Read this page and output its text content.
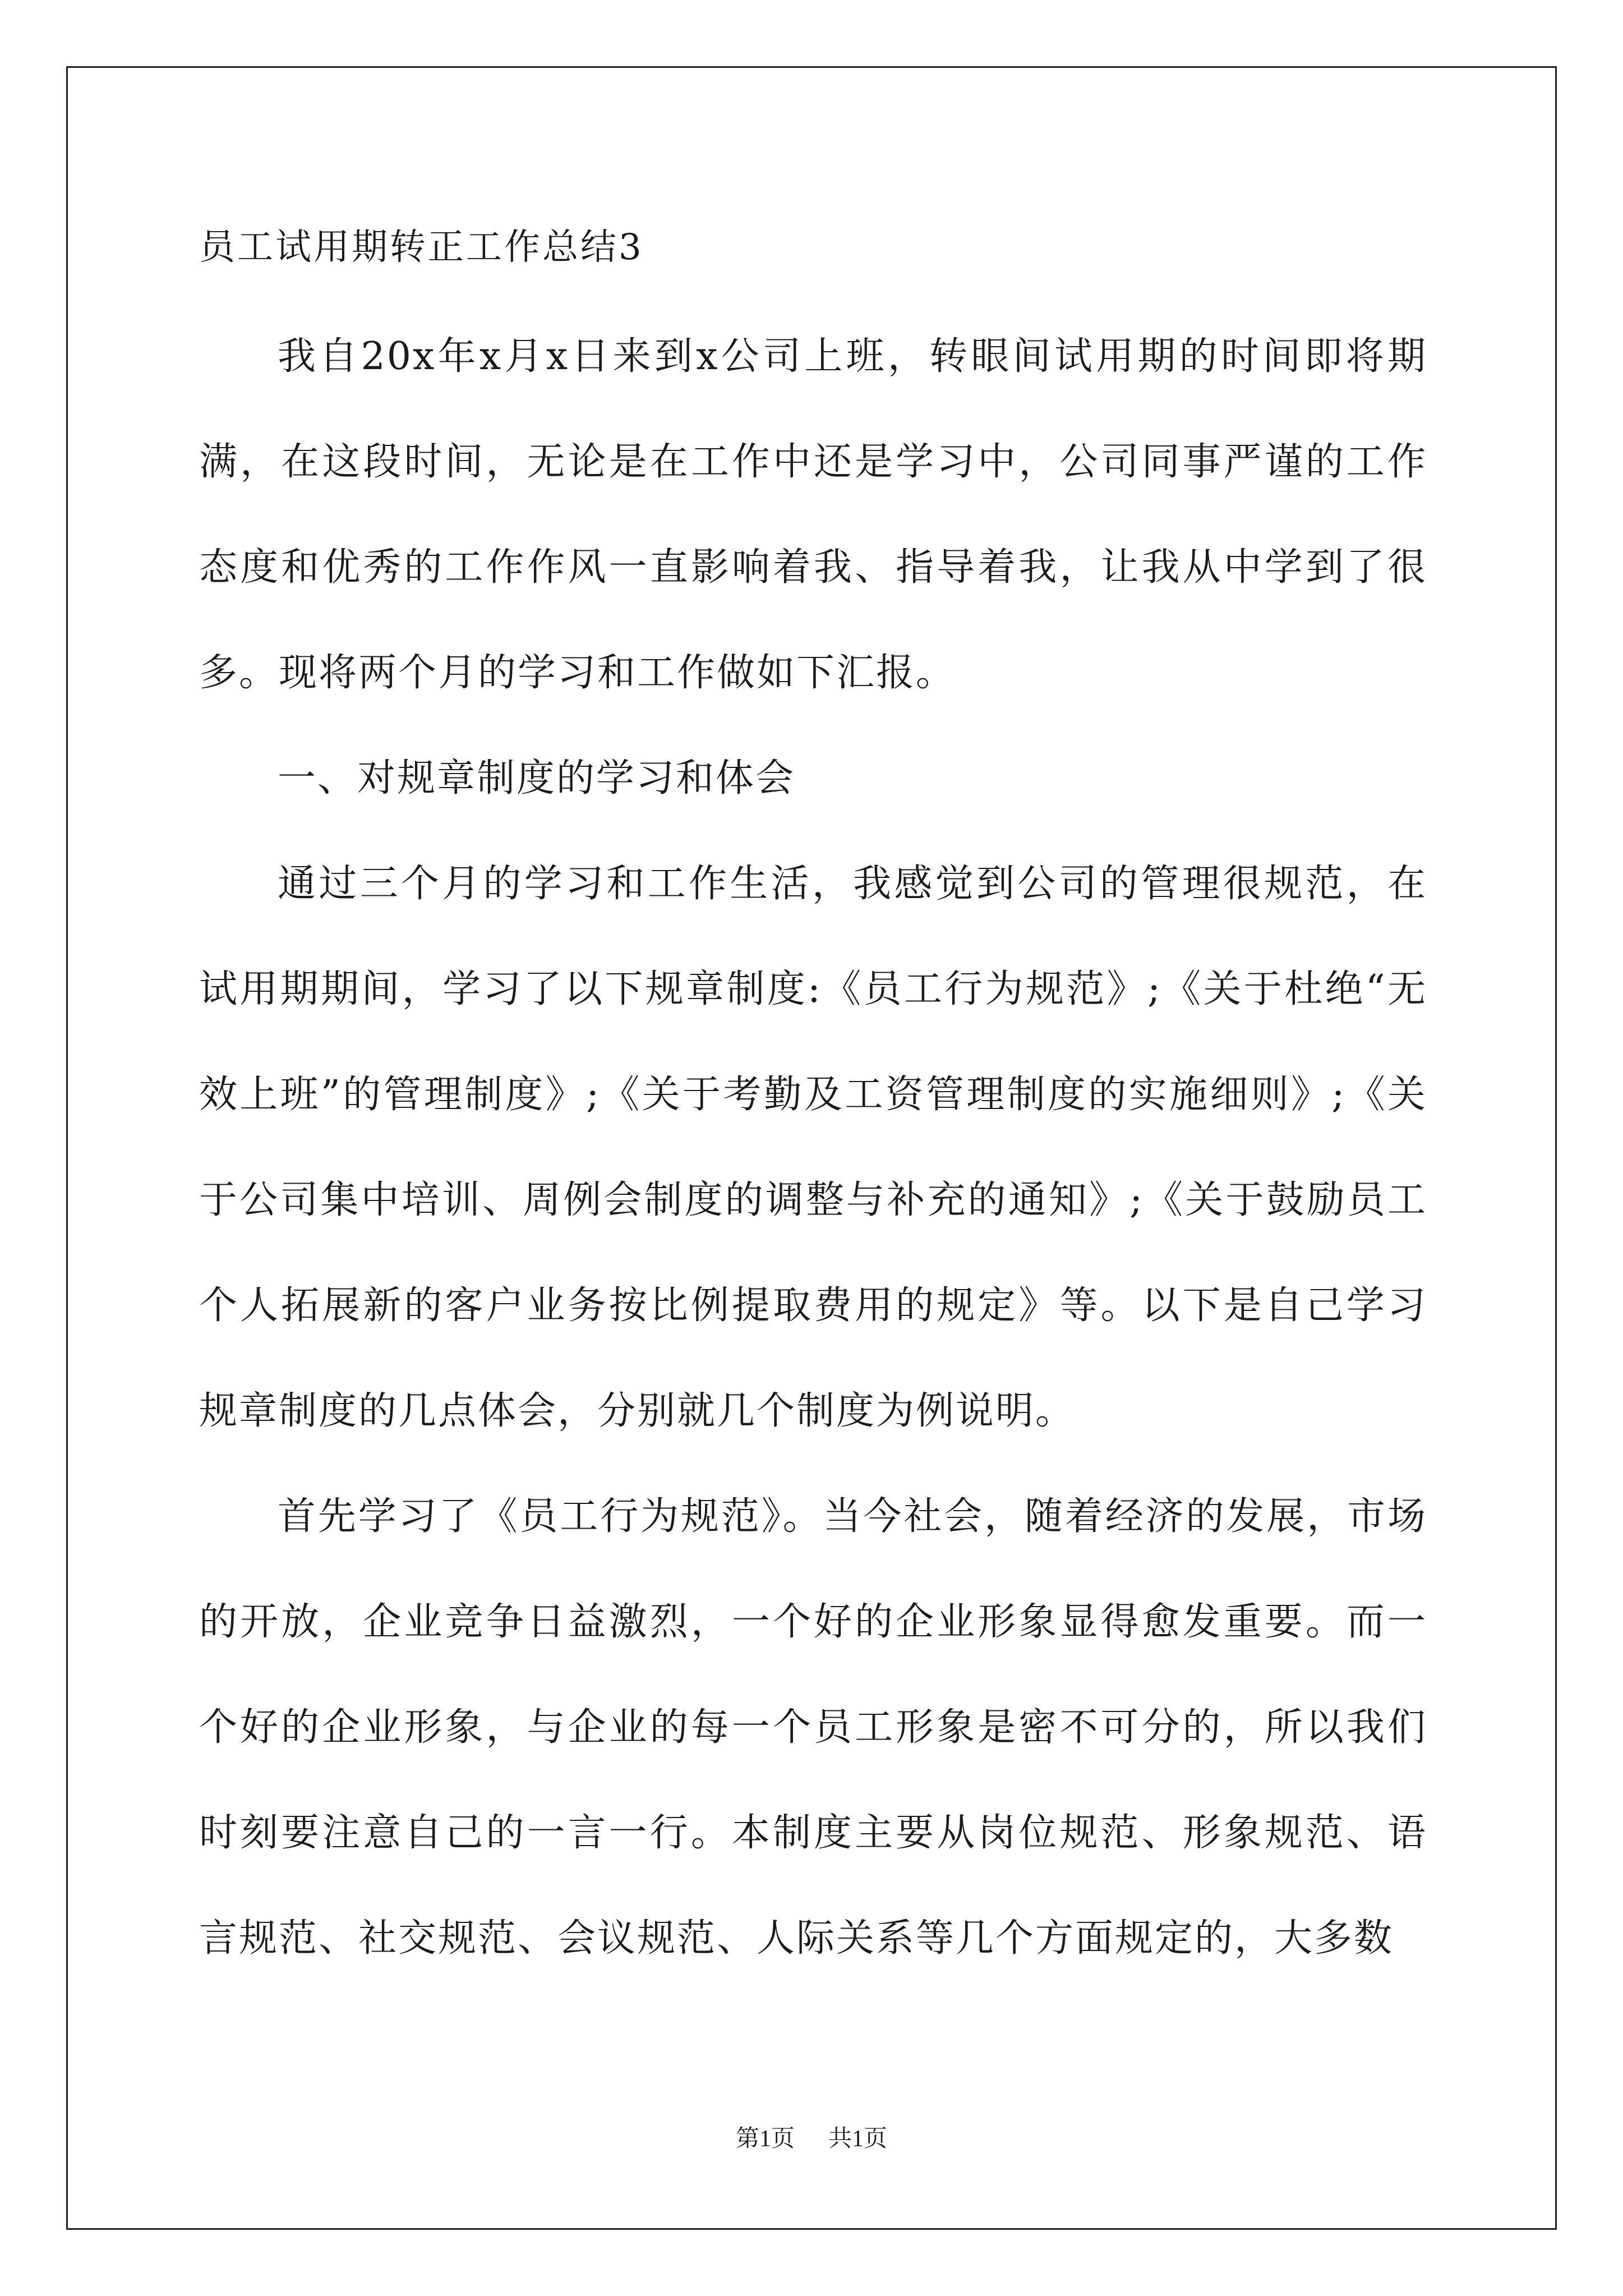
员工试用期转正工作总结3

我自20x年x月x日来到x公司上班，转眼间试用期的时间即将期满，在这段时间，无论是在工作中还是学习中，公司同事严谨的工作态度和优秀的工作作风一直影响着我、指导着我，让我从中学到了很多。现将两个月的学习和工作做如下汇报。

一、对规章制度的学习和体会

通过三个月的学习和工作生活，我感觉到公司的管理很规范，在试用期期间，学习了以下规章制度:《员工行为规范》;《关于杜绝“无效上班”的管理制度》;《关于考勤及工资管理制度的实施细则》;《关于公司集中培训、周例会制度的调整与补充的通知》;《关于鼓励员工个人拓展新的客户业务按比例提取费用的规定》等。以下是自己学习规章制度的几点体会，分别就几个制度为例说明。

首先学习了《员工行为规范》。当今社会，随着经济的发展，市场的开放，企业竞争日益激烈，一个好的企业形象显得愈发重要。而一个好的企业形象，与企业的每一个员工形象是密不可分的，所以我们时刻要注意自己的一言一行。本制度主要从岗位规范、形象规范、语言规范、社交规范、会议规范、人际关系等几个方面规定的，大多数

第1页 共1页
